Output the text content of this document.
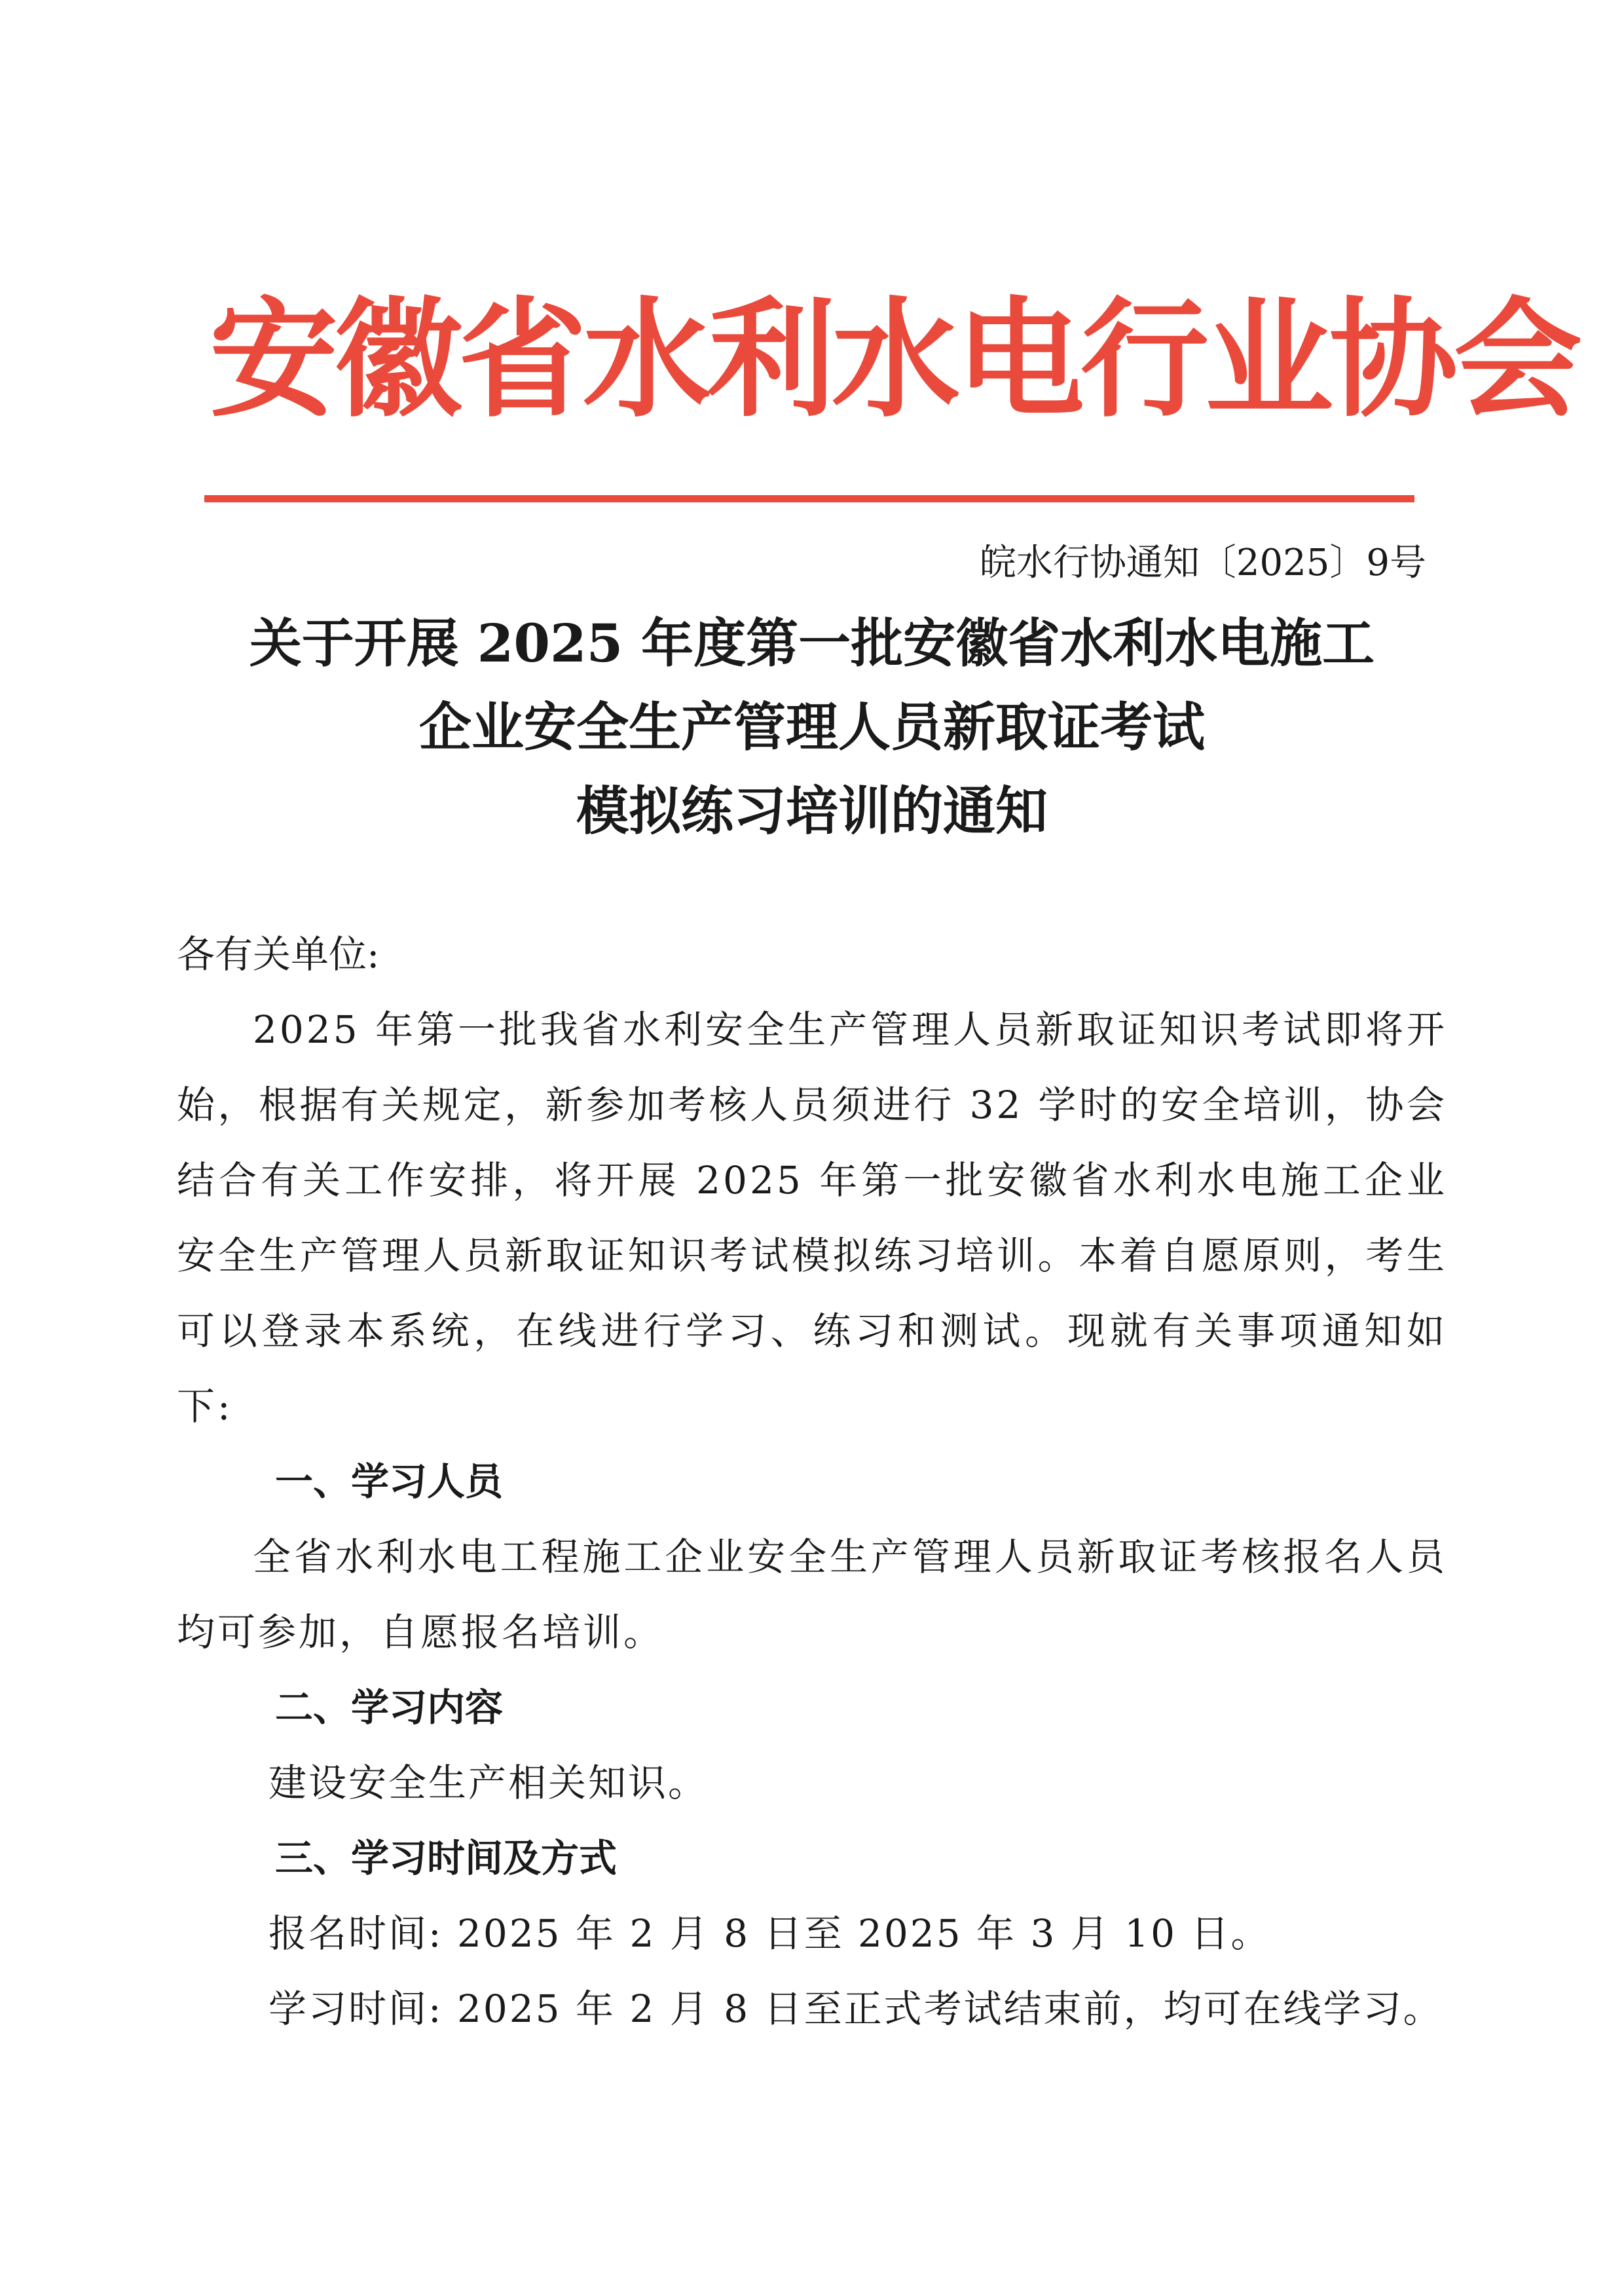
安徽省水利水电行业协会
皖水行协通知〔2025〕9号
关于开展 2025 年度第一批安徽省水利水电施工
企业安全生产管理人员新取证考试
模拟练习培训的通知
各有关单位:
2025 年第一批我省水利安全生产管理人员新取证知识考试即将开始，根据有关规定，新参加考核人员须进行 32 学时的安全培训，协会结合有关工作安排，将开展 2025 年第一批安徽省水利水电施工企业安全生产管理人员新取证知识考试模拟练习培训。本着自愿原则，考生可以登录本系统，在线进行学习、练习和测试。现就有关事项通知如下:
一、学习人员
全省水利水电工程施工企业安全生产管理人员新取证考核报名人员均可参加，自愿报名培训。
二、学习内容
建设安全生产相关知识。
三、学习时间及方式
报名时间: 2025 年 2 月 8 日至 2025 年 3 月 10 日。
学习时间: 2025 年 2 月 8 日至正式考试结束前，均可在线学习。
